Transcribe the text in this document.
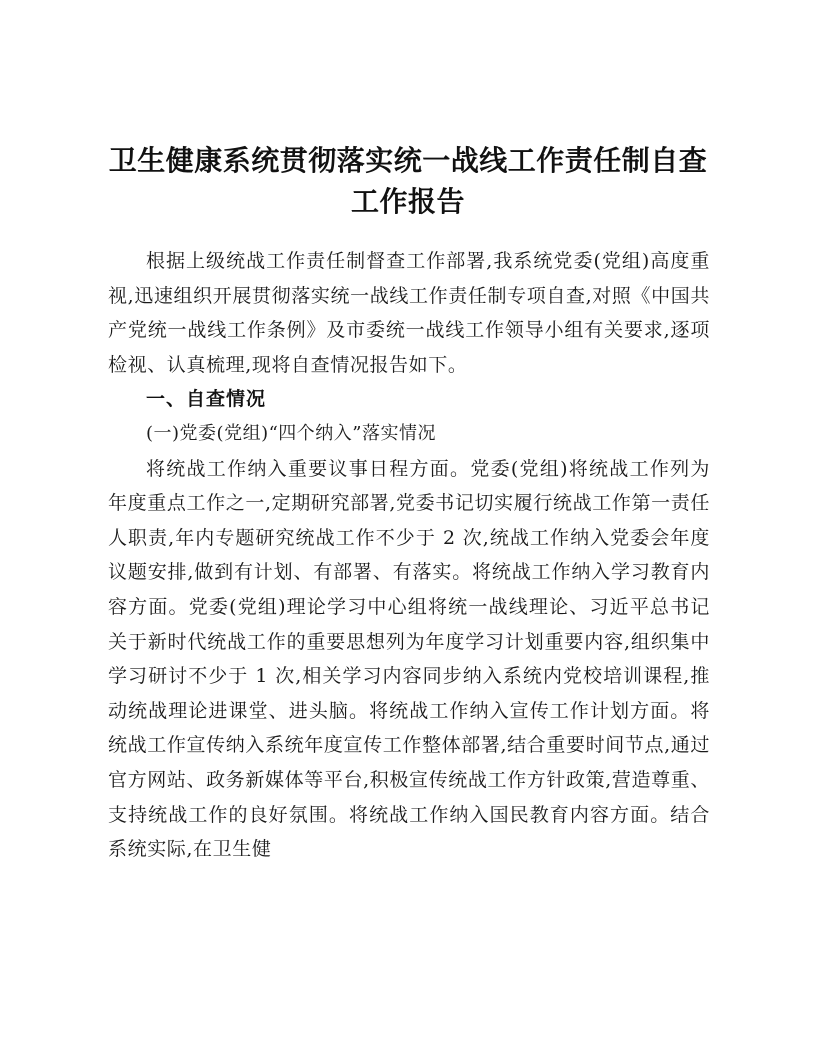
卫生健康系统贯彻落实统一战线工作责任制自查工作报告

根据上级统战工作责任制督查工作部署,我系统党委(党组)高度重视,迅速组织开展贯彻落实统一战线工作责任制专项自查,对照《中国共产党统一战线工作条例》及市委统一战线工作领导小组有关要求,逐项检视、认真梳理,现将自查情况报告如下。

一、自查情况

(一)党委(党组)“四个纳入”落实情况

将统战工作纳入重要议事日程方面。党委(党组)将统战工作列为年度重点工作之一,定期研究部署,党委书记切实履行统战工作第一责任人职责,年内专题研究统战工作不少于 2 次,统战工作纳入党委会年度议题安排,做到有计划、有部署、有落实。将统战工作纳入学习教育内容方面。党委(党组)理论学习中心组将统一战线理论、习近平总书记关于新时代统战工作的重要思想列为年度学习计划重要内容,组织集中学习研讨不少于 1 次,相关学习内容同步纳入系统内党校培训课程,推动统战理论进课堂、进头脑。将统战工作纳入宣传工作计划方面。将统战工作宣传纳入系统年度宣传工作整体部署,结合重要时间节点,通过官方网站、政务新媒体等平台,积极宣传统战工作方针政策,营造尊重、支持统战工作的良好氛围。将统战工作纳入国民教育内容方面。结合系统实际,在卫生健
